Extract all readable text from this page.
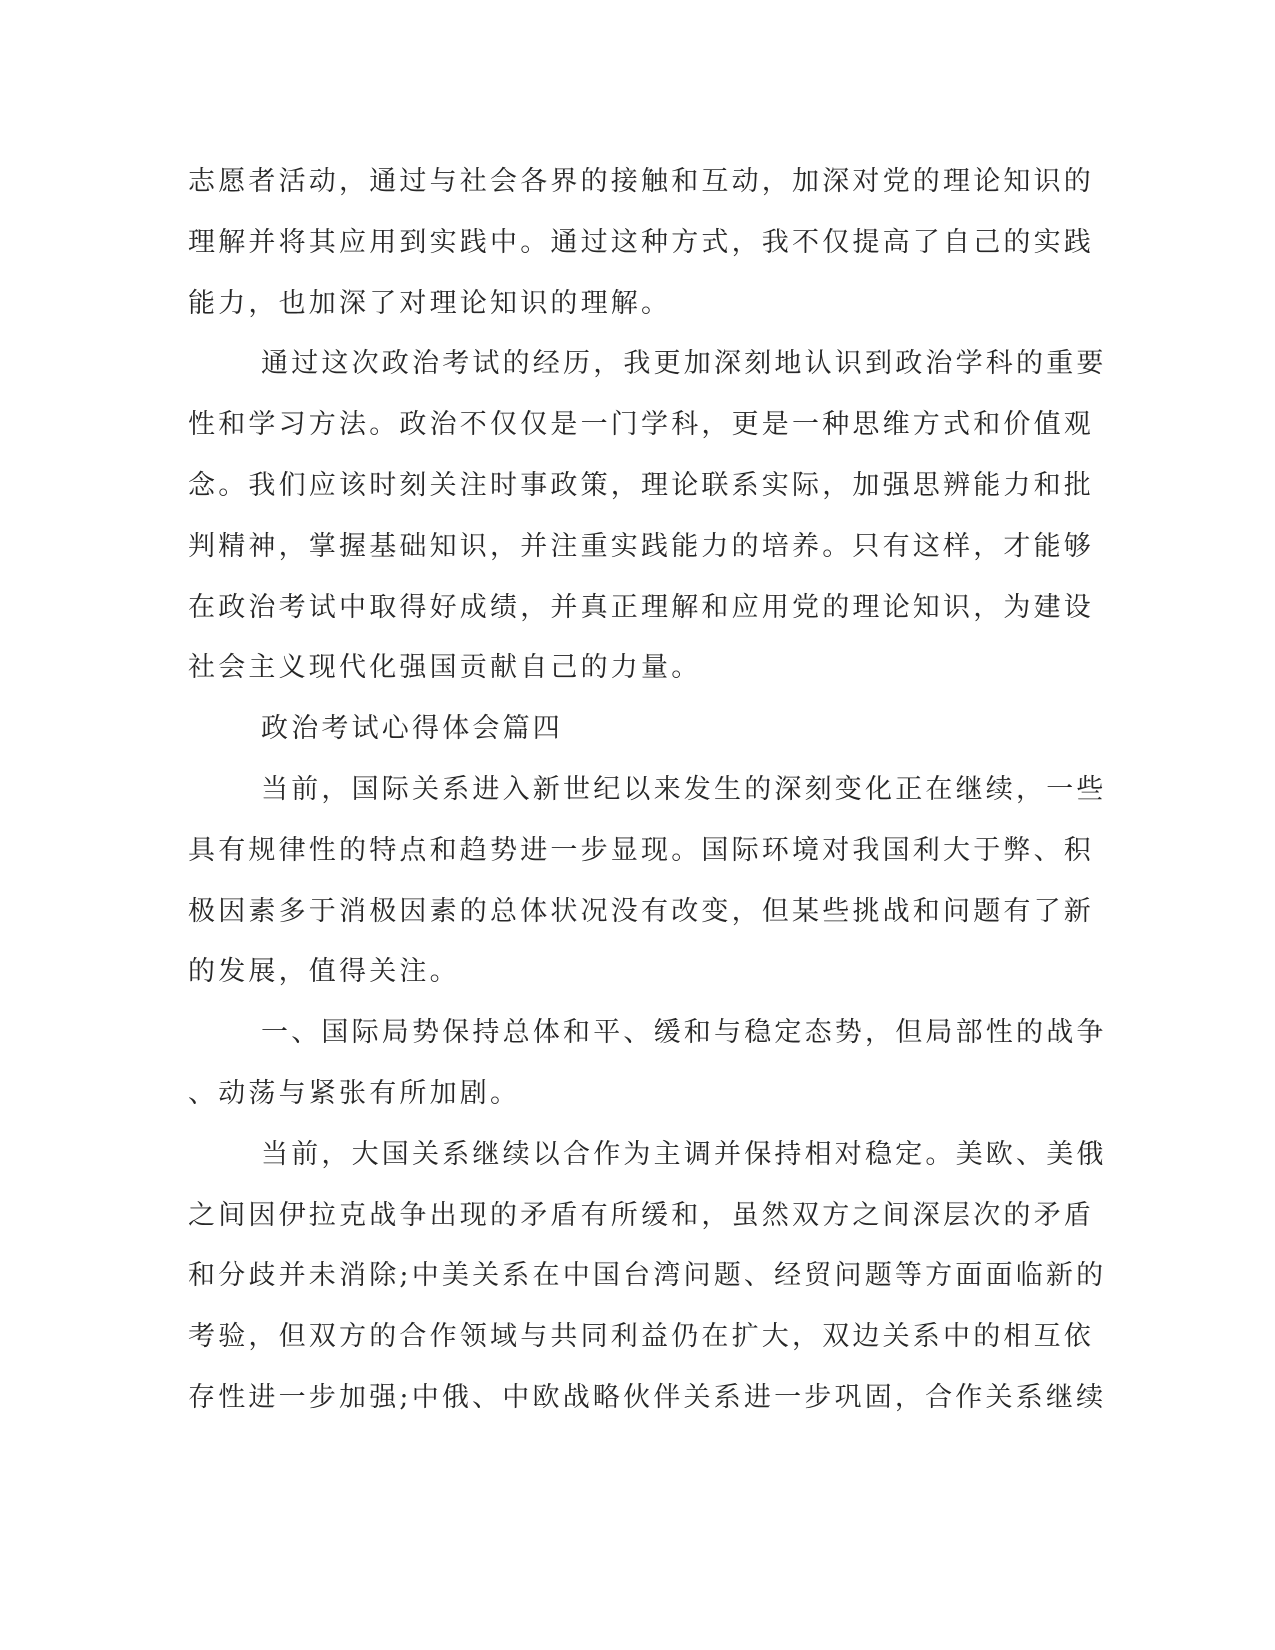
志愿者活动，通过与社会各界的接触和互动，加深对党的理论知识的
理解并将其应用到实践中。通过这种方式，我不仅提高了自己的实践
能力，也加深了对理论知识的理解。
通过这次政治考试的经历，我更加深刻地认识到政治学科的重要
性和学习方法。政治不仅仅是一门学科，更是一种思维方式和价值观
念。我们应该时刻关注时事政策，理论联系实际，加强思辨能力和批
判精神，掌握基础知识，并注重实践能力的培养。只有这样，才能够
在政治考试中取得好成绩，并真正理解和应用党的理论知识，为建设
社会主义现代化强国贡献自己的力量。
政治考试心得体会篇四
当前，国际关系进入新世纪以来发生的深刻变化正在继续，一些
具有规律性的特点和趋势进一步显现。国际环境对我国利大于弊、积
极因素多于消极因素的总体状况没有改变，但某些挑战和问题有了新
的发展，值得关注。
一、国际局势保持总体和平、缓和与稳定态势，但局部性的战争
、动荡与紧张有所加剧。
当前，大国关系继续以合作为主调并保持相对稳定。美欧、美俄
之间因伊拉克战争出现的矛盾有所缓和，虽然双方之间深层次的矛盾
和分歧并未消除;中美关系在中国台湾问题、经贸问题等方面面临新的
考验，但双方的合作领域与共同利益仍在扩大，双边关系中的相互依
存性进一步加强;中俄、中欧战略伙伴关系进一步巩固，合作关系继续
